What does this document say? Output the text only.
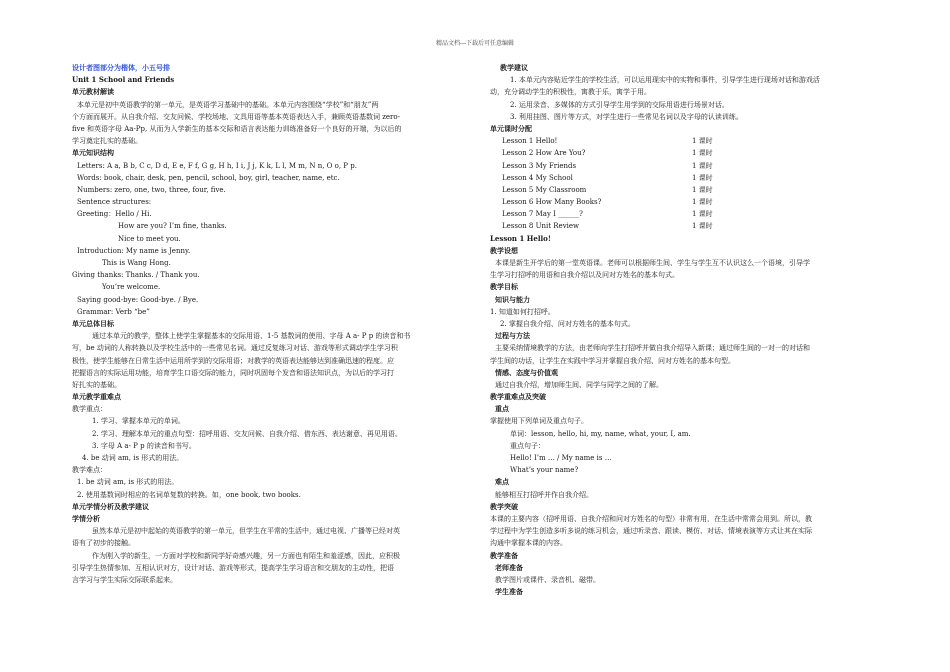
精品文档---下载后可任意编辑
设计者图部分为楷体，小五号排
Unit 1 School and Friends
单元教材解读
本单元是初中英语教学的第一单元，是英语学习基础中的基础。本单元内容围绕“学校”和“朋友”两
个方面而展开。从自我介绍、交友问候、学校场地、文具用语等基本英语表达入手，兼顾英语基数词 zero-
five 和英语字母 Aa-Pp, 从而为入学新生的基本交际和语言表达能力训练准备好一个良好的开端，为以后的
学习奠定扎实的基础。
单元知识结构
Letters: A a, B b, C c, D d, E e, F f, G g, H h, I i, J j, K k, L l, M m, N n, O o, P p.
Words: book, chair, desk, pen, pencil, school, boy, girl, teacher, name, etc.
Numbers: zero, one, two, three, four, five.
Sentence structures:
Greeting：Hello / Hi.
How are you? I’m fine, thanks.
Nice to meet you.
Introduction: My name is Jenny.
This is Wang Hong.
Giving thanks: Thanks. / Thank you.
You’re welcome.
Saying good-bye: Good-bye. / Bye.
Grammar: Verb “be”
单元总体目标
通过本单元的教学，整体上使学生掌握基本的交际用语、1-5 基数词的使用、字母 A a- P p 的读音和书
写，be 动词的人称转换以及学校生活中的一些常见名词。通过反复练习对话、游戏等形式调动学生学习积
极性，使学生能够在日常生活中运用所学到的交际用语；对教学的英语表达能够达到准确迅速的程度。应
把握语言的实际运用功能，培育学生口语交际的能力，同时巩固每个发音和语法知识点，为以后的学习打
好扎实的基础。
单元教学重难点
教学重点：
1. 学习、掌握本单元的单词。
2. 学习、理解本单元的重点句型：招呼用语、交友问候、自我介绍、借东西、表达谢意、再见用语。
3. 字母 A a- P p 的读音和书写。
4. be 动词 am, is 形式的用法。
教学难点：
1. be 动词 am, is 形式的用法。
2. 使用基数词时相应的名词单复数的转换。如，one book, two books.
单元学情分析及教学建议
学情分析
虽然本单元是初中起始的英语教学的第一单元，但学生在平常的生活中，通过电视、广播等已经对英
语有了初步的接触。
作为刚入学的新生，一方面对学校和新同学好奇感兴趣，另一方面也有陌生和羞涩感，因此，应积极
引导学生热情参加、互相认识对方，设计对话、游戏等形式，提高学生学习语言和交朋友的主动性，把语
言学习与学生实际交际联系起来。
教学建议
1. 本单元内容贴近学生的学校生活，可以运用现实中的实物和事件，引导学生进行现场对话和游戏活
动，充分调动学生的积极性，寓教于乐，寓学于用。
2. 运用录音、多媒体的方式引导学生用学到的交际用语进行场景对话。
3. 利用挂图、图片等方式，对学生进行一些常见名词以及字母的认读训练。
单元课时分配
Lesson 1 Hello!	1 课时
Lesson 2 How Are You?	1 课时
Lesson 3 My Friends	1 课时
Lesson 4 My School	1 课时
Lesson 5 My Classroom	1 课时
Lesson 6 How Many Books?	1 课时
Lesson 7 May I ______?	1 课时
Lesson 8 Unit Review	1 课时
Lesson 1 Hello!
教学设想
本课是新生开学后的第一堂英语课。老师可以根据师生间、学生与学生互不认识这么一个语境，引导学
生学习打招呼的用语和自我介绍以及问对方姓名的基本句式。
教学目标
知识与能力
1. 知道如何打招呼。
2. 掌握自我介绍、问对方姓名的基本句式。
过程与方法
主要采纳情境教学的方法，由老师向学生打招呼并做自我介绍导入新课；通过师生间的一对一的对话和
学生间的功话，让学生在实践中学习并掌握自我介绍、问对方姓名的基本句型。
情感、态度与价值观
通过自我介绍，增加师生间、同学与同学之间的了解。
教学重难点及突破
重点
掌握使用下列单词及重点句子。
单词：lesson, hello, hi, my, name, what, your, I, am.
重点句子：
Hello! I’m … / My name is …
What’s your name?
难点
能够相互打招呼并作自我介绍。
教学突破
本课的主要内容（招呼用语、自我介绍和问对方姓名的句型）非常有用，在生活中常常会用到。所以，教
学过程中为学生创造多听多说的练习机会，通过听录音、跟读、模仿、对话、情境表演等方式让其在实际
沟通中掌握本课的内容。
教学准备
老师准备
教学图片或课件、录音机、磁带。
学生准备
